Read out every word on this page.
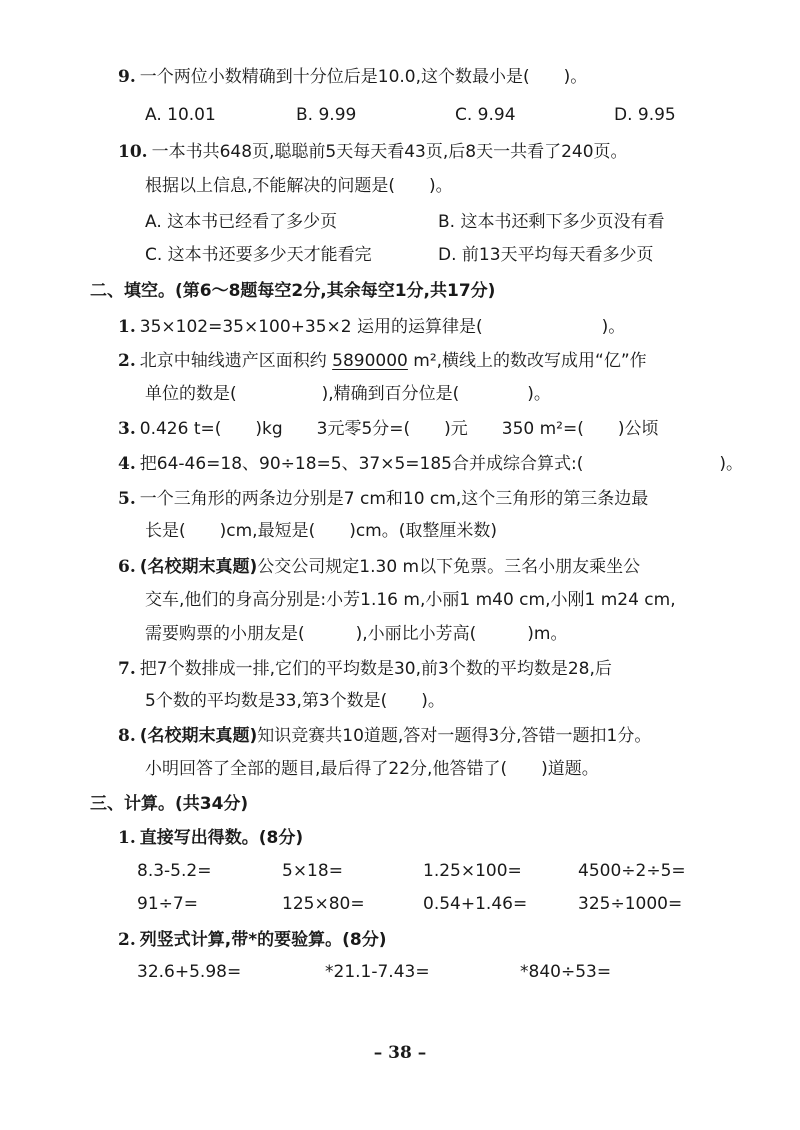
9. 一个两位小数精确到十分位后是10.0,这个数最小是(　　)。
A. 10.01	B. 9.99	C. 9.94	D. 9.95
10. 一本书共648页,聪聪前5天每天看43页,后8天一共看了240页。
根据以上信息,不能解决的问题是(　　)。
A. 这本书已经看了多少页	B. 这本书还剩下多少页没有看
C. 这本书还要多少天才能看完	D. 前13天平均每天看多少页
二、填空。(第6～8题每空2分,其余每空1分,共17分)
1. 35×102=35×100+35×2 运用的运算律是(　　　　　　　)。
2. 北京中轴线遗产区面积约 5890000 m²,横线上的数改写成用“亿”作
单位的数是(　　　　　),精确到百分位是(　　　　)。
3. 0.426 t=(　　)kg　　3元零5分=(　　)元　　350 m²=(　　)公顷
4. 把64-46=18、90÷18=5、37×5=185合并成综合算式:(　　　　　　　　)。
5. 一个三角形的两条边分别是7 cm和10 cm,这个三角形的第三条边最
长是(　　)cm,最短是(　　)cm。(取整厘米数)
6. (名校期末真题)公交公司规定1.30 m以下免票。三名小朋友乘坐公
交车,他们的身高分别是:小芳1.16 m,小丽1 m40 cm,小刚1 m24 cm,
需要购票的小朋友是(　　　),小丽比小芳高(　　　)m。
7. 把7个数排成一排,它们的平均数是30,前3个数的平均数是28,后
5个数的平均数是33,第3个数是(　　)。
8. (名校期末真题)知识竞赛共10道题,答对一题得3分,答错一题扣1分。
小明回答了全部的题目,最后得了22分,他答错了(　　)道题。
三、计算。(共34分)
1. 直接写出得数。(8分)
8.3-5.2=	5×18=	1.25×100=	4500÷2÷5=
91÷7=	125×80=	0.54+1.46=	325÷1000=
2. 列竖式计算,带*的要验算。(8分)
32.6+5.98=	*21.1-7.43=	*840÷53=
– 38 –
